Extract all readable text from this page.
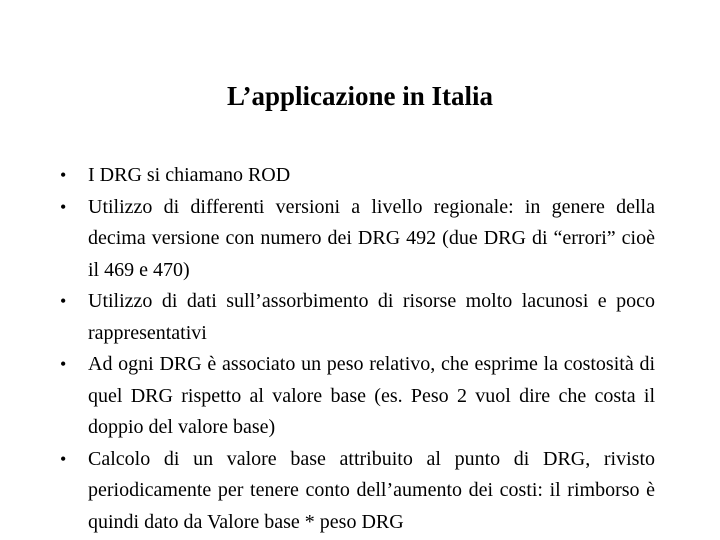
L’applicazione in Italia
• I DRG si chiamano ROD
• Utilizzo di differenti versioni a livello regionale: in genere della decima versione con numero dei DRG 492 (due DRG di “errori” cioè il 469 e 470)
• Utilizzo di dati sull’assorbimento di risorse molto lacunosi e poco rappresentativi
• Ad ogni DRG è associato un peso relativo, che esprime la costosità di quel DRG rispetto al valore base (es. Peso 2 vuol dire che costa il doppio del valore base)
• Calcolo di un valore base attribuito al punto di DRG, rivisto periodicamente per tenere conto dell’aumento dei costi: il rimborso è quindi dato da Valore base * peso DRG
